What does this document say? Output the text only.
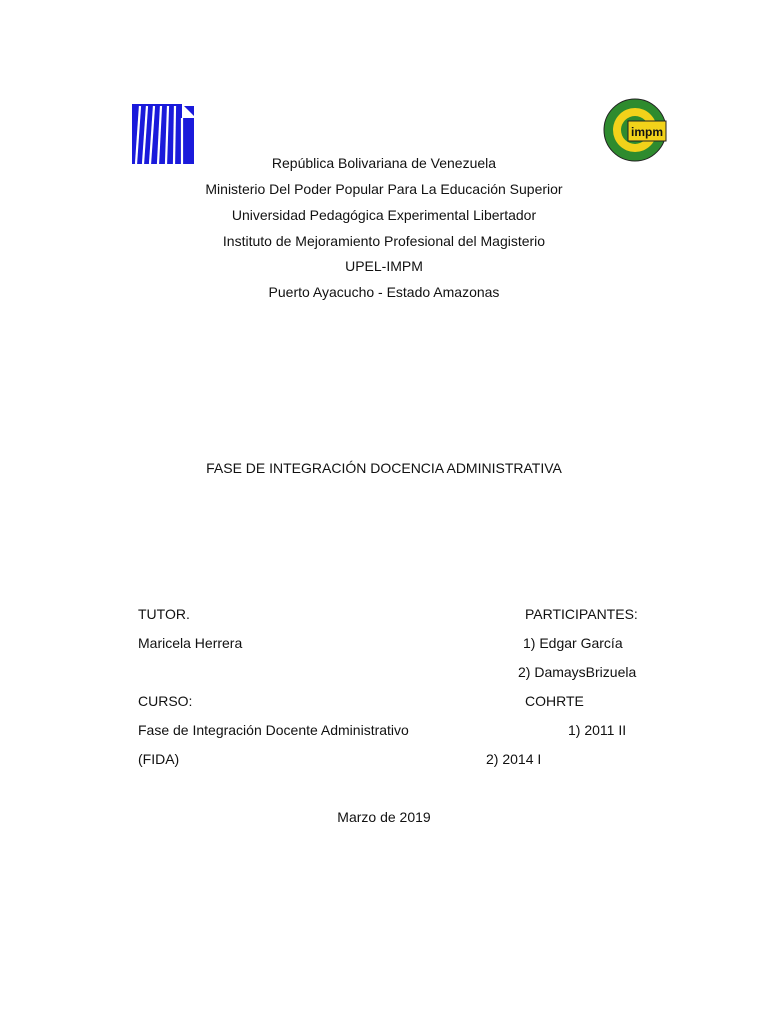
impm
República Bolivariana de Venezuela
Ministerio Del Poder Popular Para La Educación Superior
Universidad Pedagógica Experimental Libertador
Instituto de Mejoramiento Profesional del Magisterio
UPEL-IMPM
Puerto Ayacucho - Estado Amazonas
FASE DE INTEGRACIÓN DOCENCIA ADMINISTRATIVA
TUTOR.
Maricela Herrera
CURSO:
Fase de Integración Docente Administrativo
(FIDA)
PARTICIPANTES:
1) Edgar García
2) DamaysBrizuela
COHRTE
1) 2011 II
2) 2014 I
Marzo de 2019
